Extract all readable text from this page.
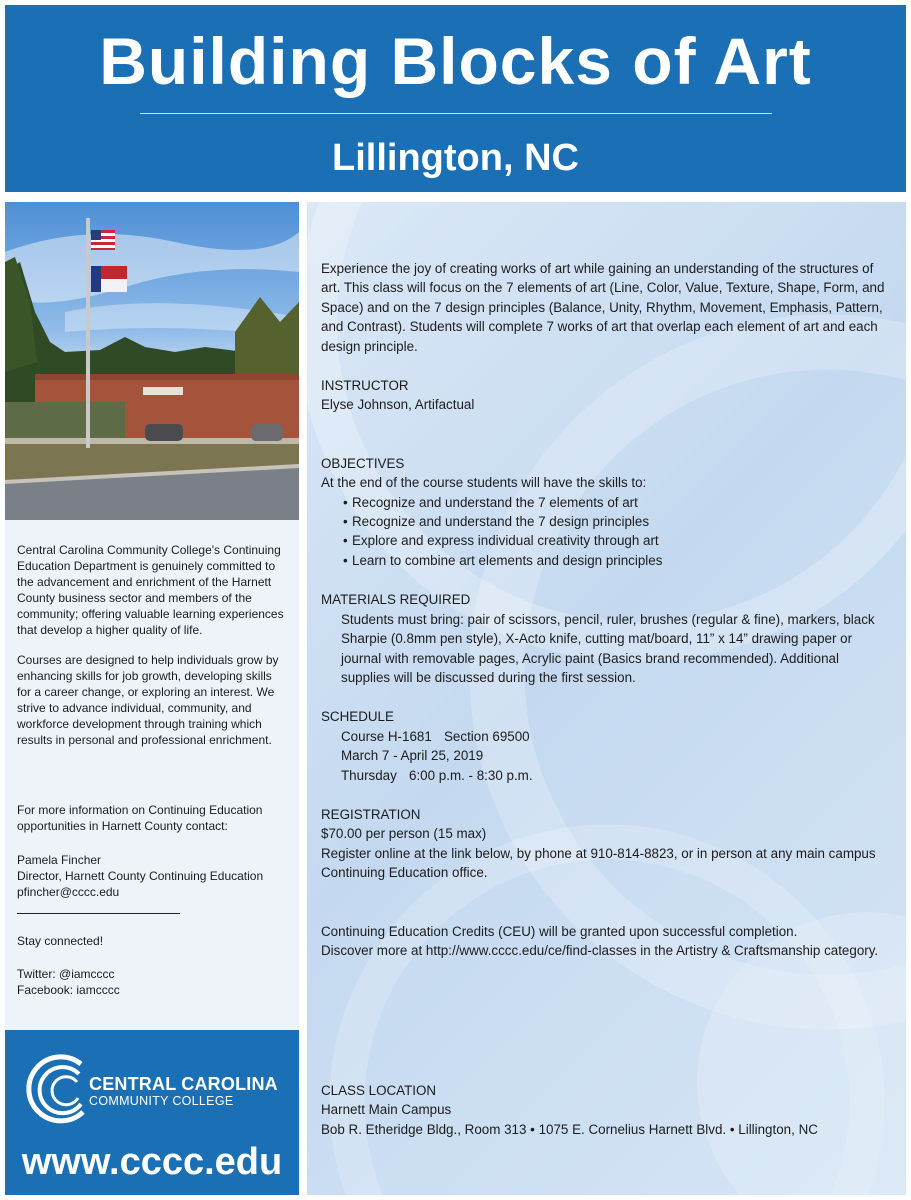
Building Blocks of Art
Lillington, NC

Central Carolina Community College's Continuing Education Department is genuinely committed to the advancement and enrichment of the Harnett County business sector and members of the community; offering valuable learning experiences that develop a higher quality of life.

Courses are designed to help individuals grow by enhancing skills for job growth, developing skills for a career change, or exploring an interest. We strive to advance individual, community, and workforce development through training which results in personal and professional enrichment.

For more information on Continuing Education opportunities in Harnett County contact:

Pamela Fincher

Director, Harnett County Continuing Education

pfincher@cccc.edu

Stay connected!

Twitter: @iamcccc

Facebook: iamcccc

CENTRAL CAROLINA
COMMUNITY COLLEGE
www.cccc.edu

Experience the joy of creating works of art while gaining an understanding of the structures of art. This class will focus on the 7 elements of art (Line, Color, Value, Texture, Shape, Form, and Space) and on the 7 design principles (Balance, Unity, Rhythm, Movement, Emphasis, Pattern, and Contrast). Students will complete 7 works of art that overlap each element of art and each design principle.

INSTRUCTOR

Elyse Johnson, Artifactual

OBJECTIVES

At the end of the course students will have the skills to:

• Recognize and understand the 7 elements of art
• Recognize and understand the 7 design principles
• Explore and express individual creativity through art
• Learn to combine art elements and design principles

MATERIALS REQUIRED

Students must bring: pair of scissors, pencil, ruler, brushes (regular & fine), markers, black Sharpie (0.8mm pen style), X-Acto knife, cutting mat/board, 11” x 14” drawing paper or journal with removable pages, Acrylic paint (Basics brand recommended). Additional supplies will be discussed during the first session.

SCHEDULE

Course H-1681 Section 69500

March 7 - April 25, 2019

Thursday 6:00 p.m. - 8:30 p.m.

REGISTRATION

$70.00 per person (15 max)

Register online at the link below, by phone at 910-814-8823, or in person at any main campus Continuing Education office.

Continuing Education Credits (CEU) will be granted upon successful completion.

Discover more at http://www.cccc.edu/ce/find-classes in the Artistry & Craftsmanship category.

CLASS LOCATION

Harnett Main Campus

Bob R. Etheridge Bldg., Room 313 • 1075 E. Cornelius Harnett Blvd. • Lillington, NC
